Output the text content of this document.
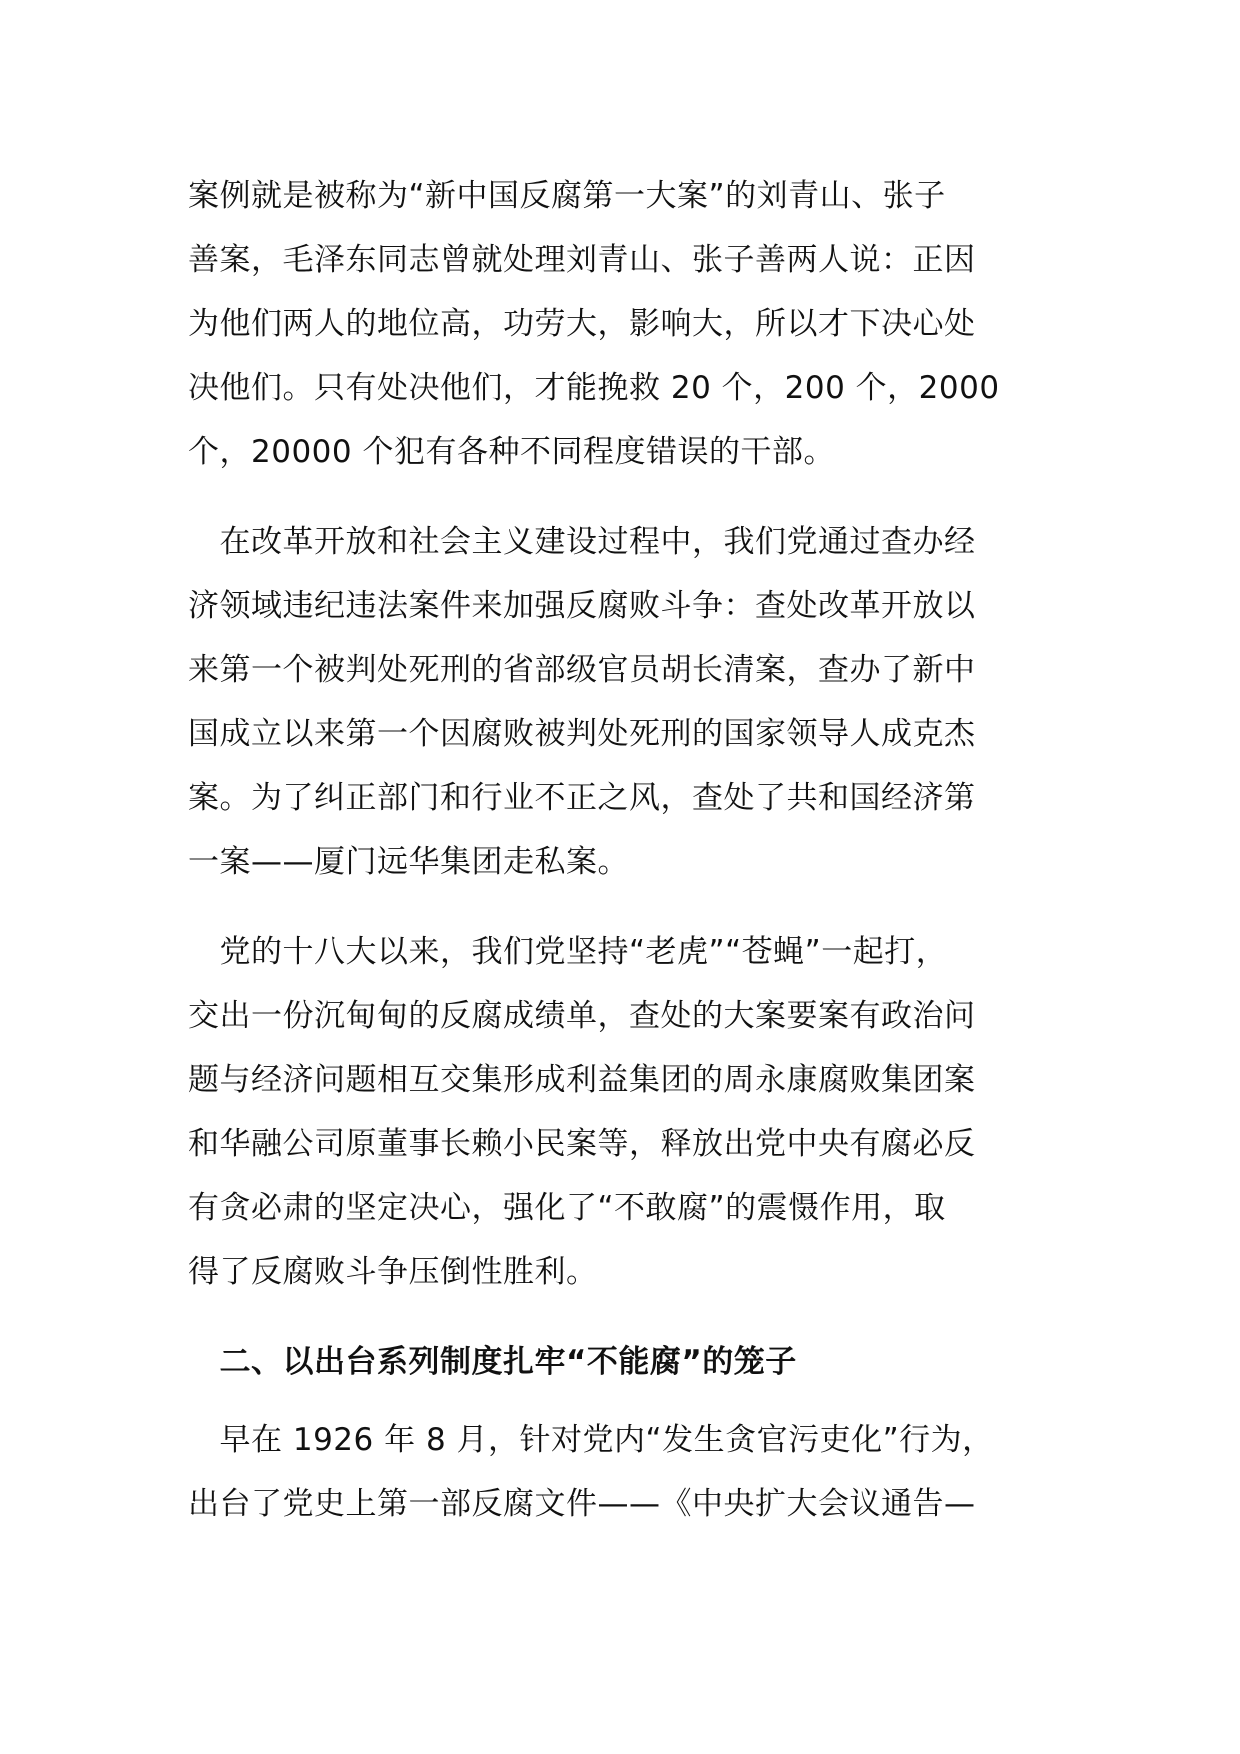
案例就是被称为“新中国反腐第一大案”的刘青山、张子
善案，毛泽东同志曾就处理刘青山、张子善两人说：正因
为他们两人的地位高，功劳大，影响大，所以才下决心处
决他们。只有处决他们，才能挽救 20 个，200 个，2000
个，20000 个犯有各种不同程度错误的干部。

　在改革开放和社会主义建设过程中，我们党通过查办经
济领域违纪违法案件来加强反腐败斗争：查处改革开放以
来第一个被判处死刑的省部级官员胡长清案，查办了新中
国成立以来第一个因腐败被判处死刑的国家领导人成克杰
案。为了纠正部门和行业不正之风，查处了共和国经济第
一案——厦门远华集团走私案。

　党的十八大以来，我们党坚持“老虎”“苍蝇”一起打，
交出一份沉甸甸的反腐成绩单，查处的大案要案有政治问
题与经济问题相互交集形成利益集团的周永康腐败集团案
和华融公司原董事长赖小民案等，释放出党中央有腐必反
有贪必肃的坚定决心，强化了“不敢腐”的震慑作用，取
得了反腐败斗争压倒性胜利。

　二、以出台系列制度扎牢“不能腐”的笼子

　早在 1926 年 8 月，针对党内“发生贪官污吏化”行为，
出台了党史上第一部反腐文件——《中央扩大会议通告—
